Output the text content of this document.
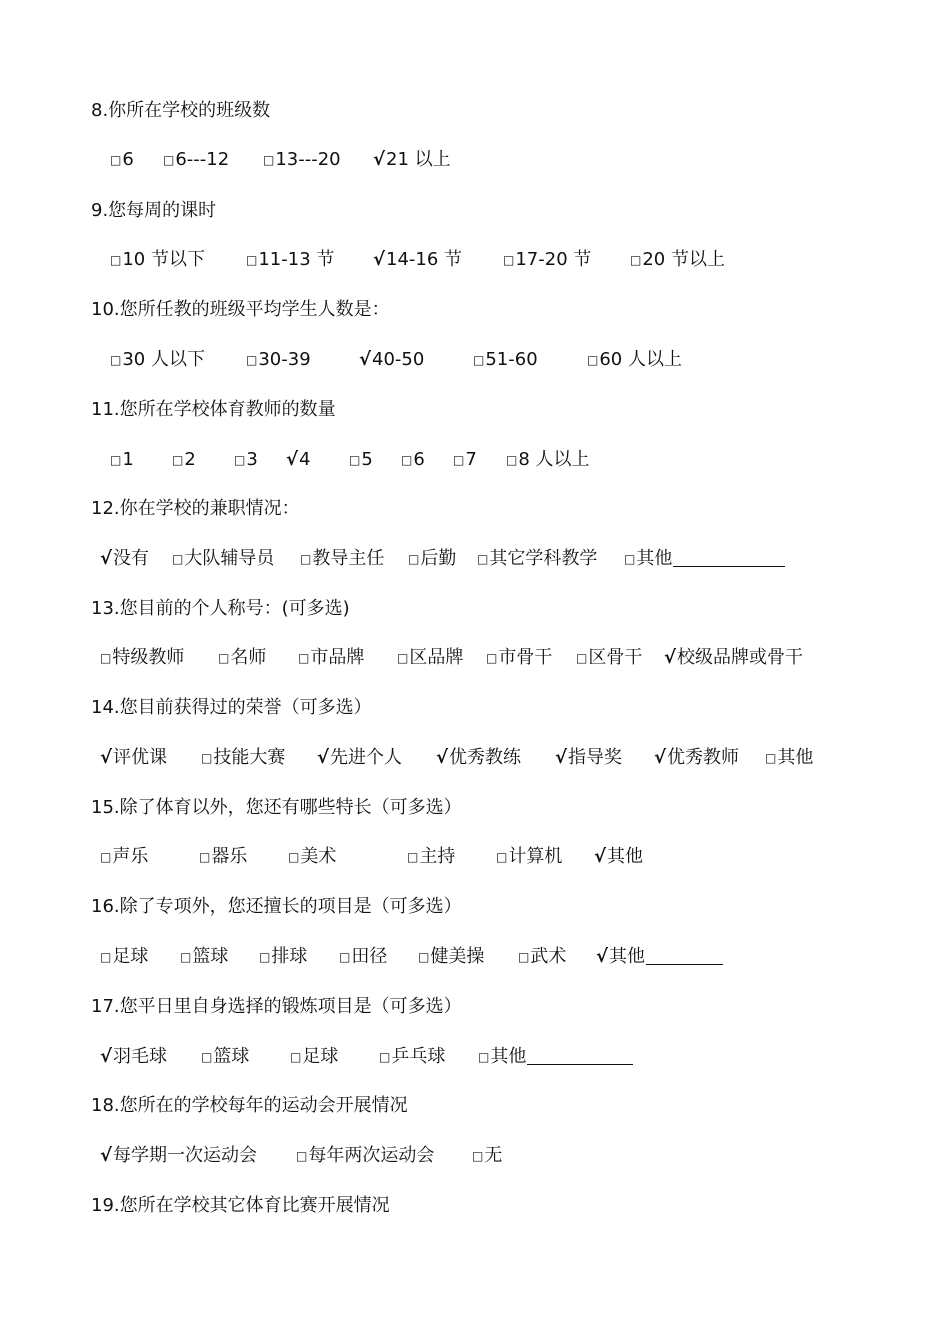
8.你所在学校的班级数
□6 □6---12	□13---20 √21 以上
9.您每周的课时
□10 节以下	□11-13 节 √14-16 节	□17-20 节	□20 节以上
10.您所任教的班级平均学生人数是：
□30 人以下	□30-39	√40-50	□51-60	□60 人以上
11.您所在学校体育教师的数量
□1	□2	□3 √4	□5 □6 □7 □8 人以上
12.你在学校的兼职情况：
√没有 □大队辅导员 □教导主任 □后勤 □其它学科教学 □其他
13.您目前的个人称号：(可多选)
□特级教师	□名师	□市品牌	□区品牌 □市骨干 □区骨干 √校级品牌或骨干
14.您目前获得过的荣誉（可多选）
√评优课	□技能大赛 √先进个人 √优秀教练 √指导奖 √优秀教师 □其他
15.除了体育以外，您还有哪些特长（可多选）
□声乐	□器乐	□美术	□主持	□计算机 √其他
16.除了专项外，您还擅长的项目是（可多选）
□足球	□篮球	□排球	□田径	□健美操	□武术 √其他
17.您平日里自身选择的锻炼项目是（可多选）
√羽毛球	□篮球	□足球	□乒乓球	□其他
18.您所在的学校每年的运动会开展情况
√每学期一次运动会	□每年两次运动会	□无
19.您所在学校其它体育比赛开展情况
